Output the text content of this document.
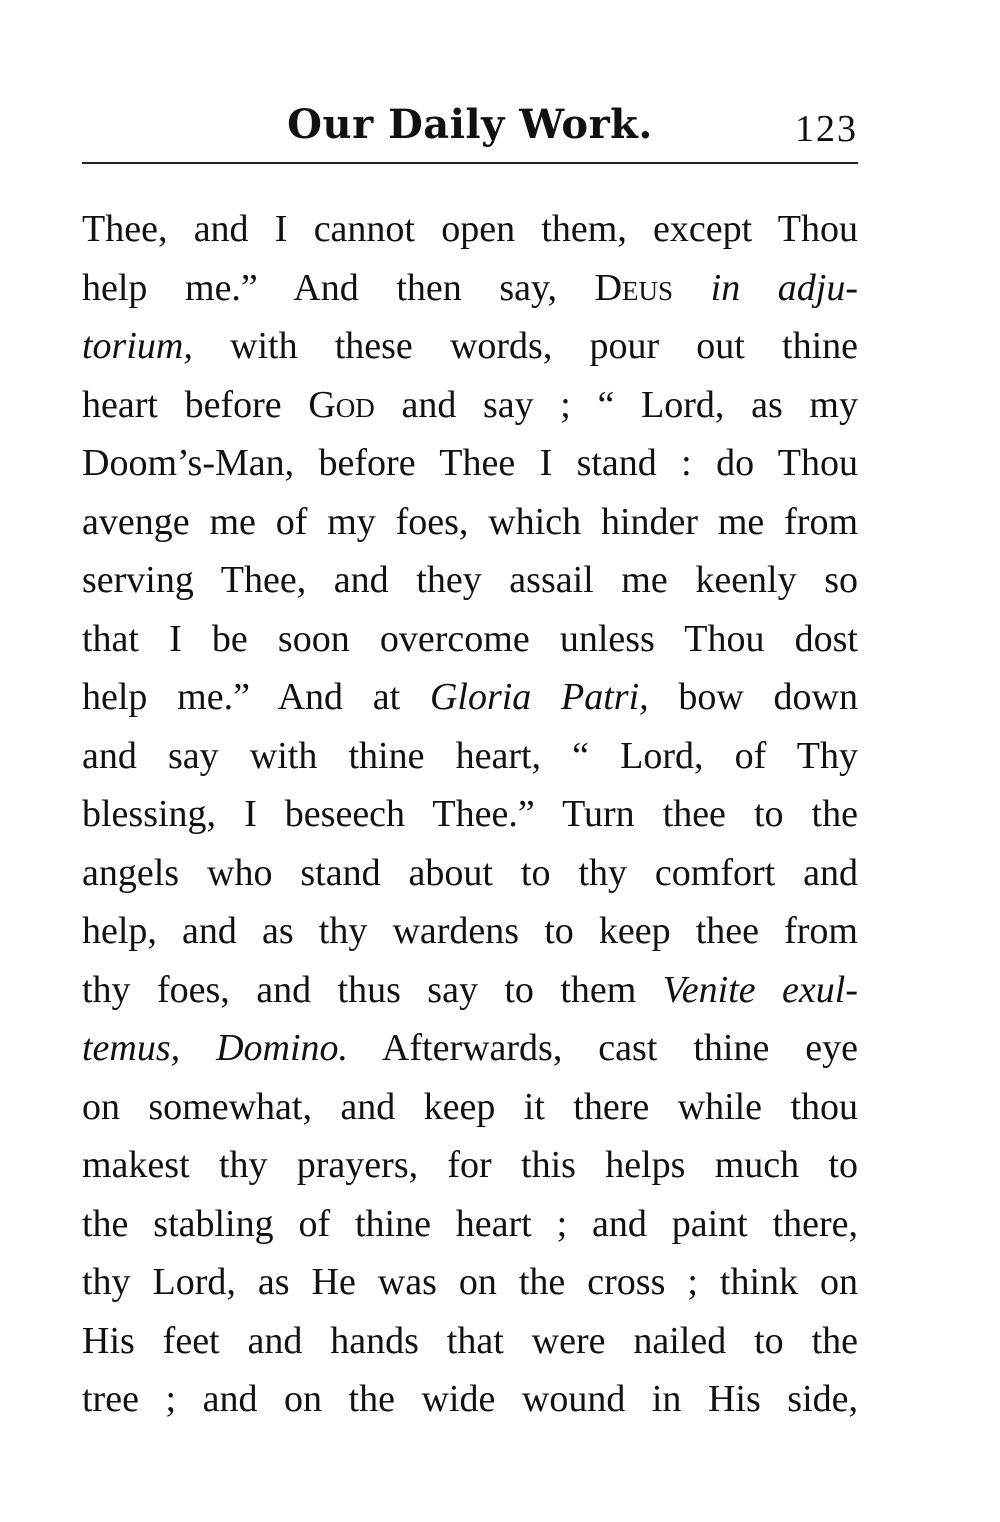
Our Daily Work.	123
Thee, and I cannot open them, except Thou
help me.” And then say, Deus in adju-
torium, with these words, pour out thine
heart before God and say ; “ Lord, as my
Doom’s-Man, before Thee I stand : do Thou
avenge me of my foes, which hinder me from
serving Thee, and they assail me keenly so
that I be soon overcome unless Thou dost
help me.” And at Gloria Patri, bow down
and say with thine heart, “ Lord, of Thy
blessing, I beseech Thee.” Turn thee to the
angels who stand about to thy comfort and
help, and as thy wardens to keep thee from
thy foes, and thus say to them Venite exul-
temus, Domino. Afterwards, cast thine eye
on somewhat, and keep it there while thou
makest thy prayers, for this helps much to
the stabling of thine heart ; and paint there,
thy Lord, as He was on the cross ; think on
His feet and hands that were nailed to the
tree ; and on the wide wound in His side,
